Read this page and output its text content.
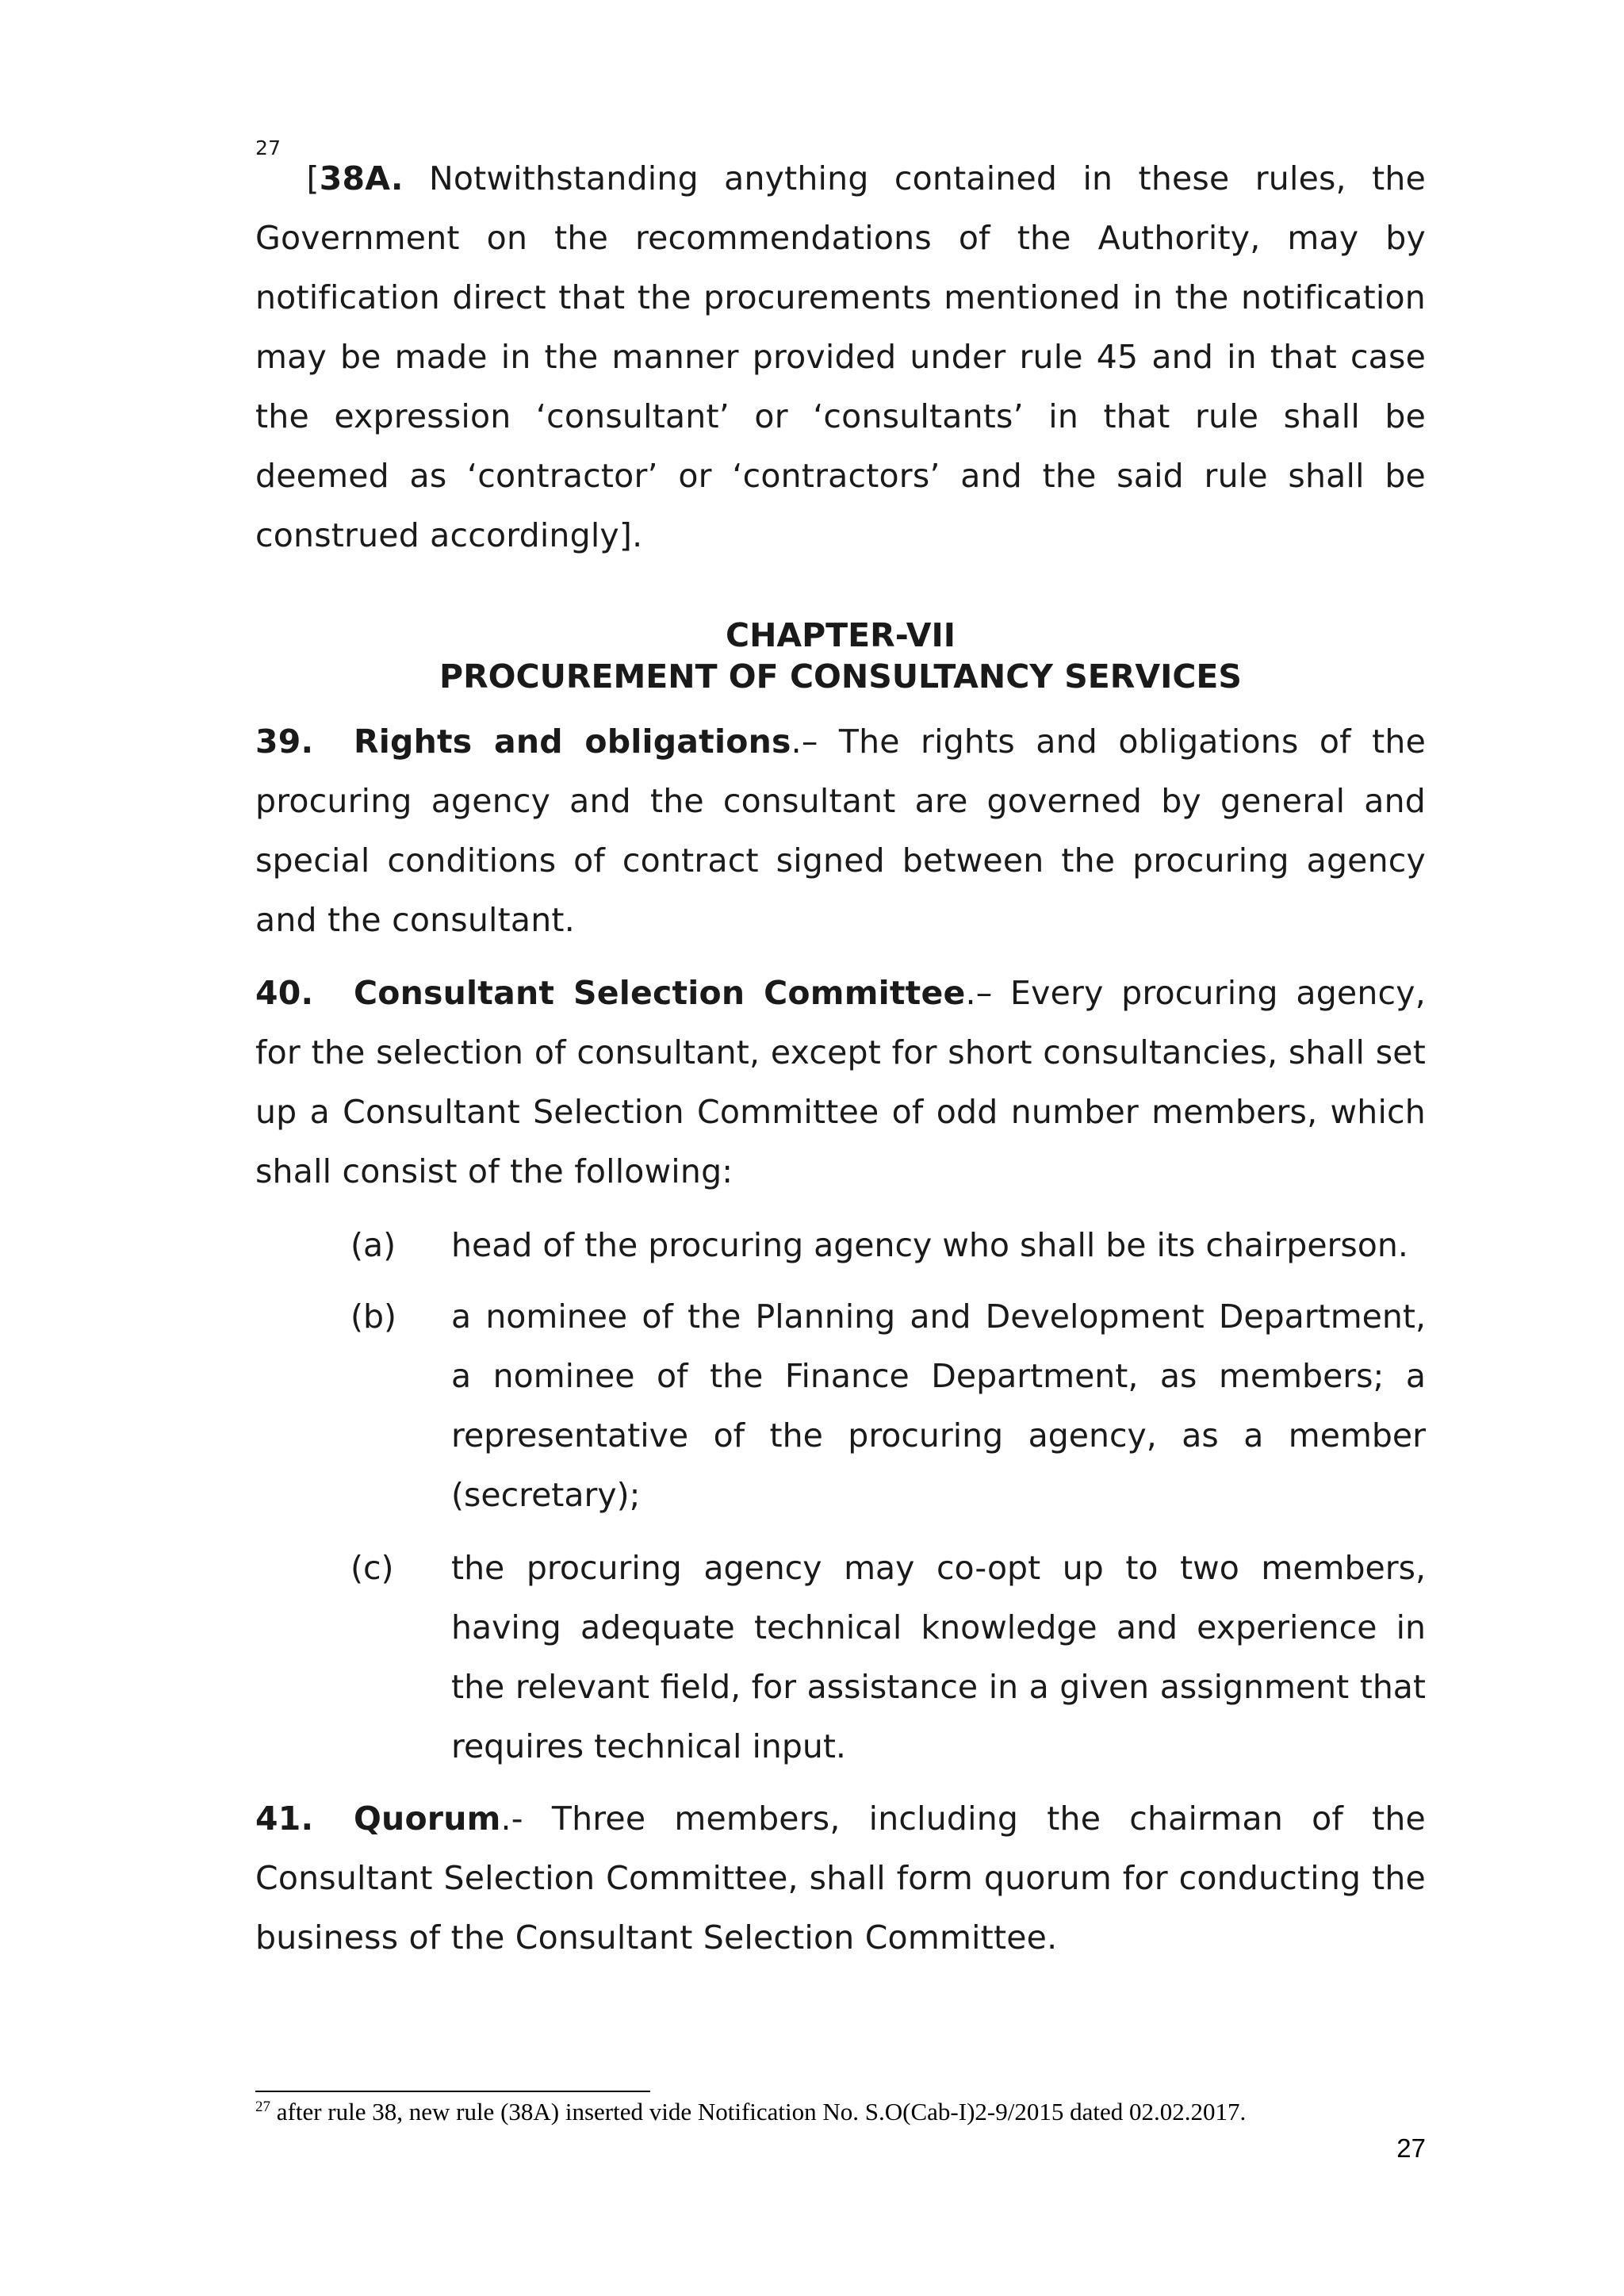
$^{27}$ [38A. Notwithstanding anything contained in these rules, the Government on the recommendations of the Authority, may by notification direct that the procurements mentioned in the notification may be made in the manner provided under rule 45 and in that case the expression ‘consultant’ or ‘consultants’ in that rule shall be deemed as ‘contractor’ or ‘contractors’ and the said rule shall be construed accordingly].
CHAPTER-VII
PROCUREMENT OF CONSULTANCY SERVICES
39. Rights and obligations.– The rights and obligations of the procuring agency and the consultant are governed by general and special conditions of contract signed between the procuring agency and the consultant.
40. Consultant Selection Committee.– Every procuring agency, for the selection of consultant, except for short consultancies, shall set up a Consultant Selection Committee of odd number members, which shall consist of the following:
(a)	head of the procuring agency who shall be its chairperson.
(b)	a nominee of the Planning and Development Department, a nominee of the Finance Department, as members; a representative of the procuring agency, as a member (secretary);
(c)	the procuring agency may co-opt up to two members, having adequate technical knowledge and experience in the relevant field, for assistance in a given assignment that requires technical input.
41. Quorum.- Three members, including the chairman of the Consultant Selection Committee, shall form quorum for conducting the business of the Consultant Selection Committee.
$^{27}$ after rule 38, new rule (38A) inserted vide Notification No. S.O(Cab-I)2-9/2015 dated 02.02.2017.
27
